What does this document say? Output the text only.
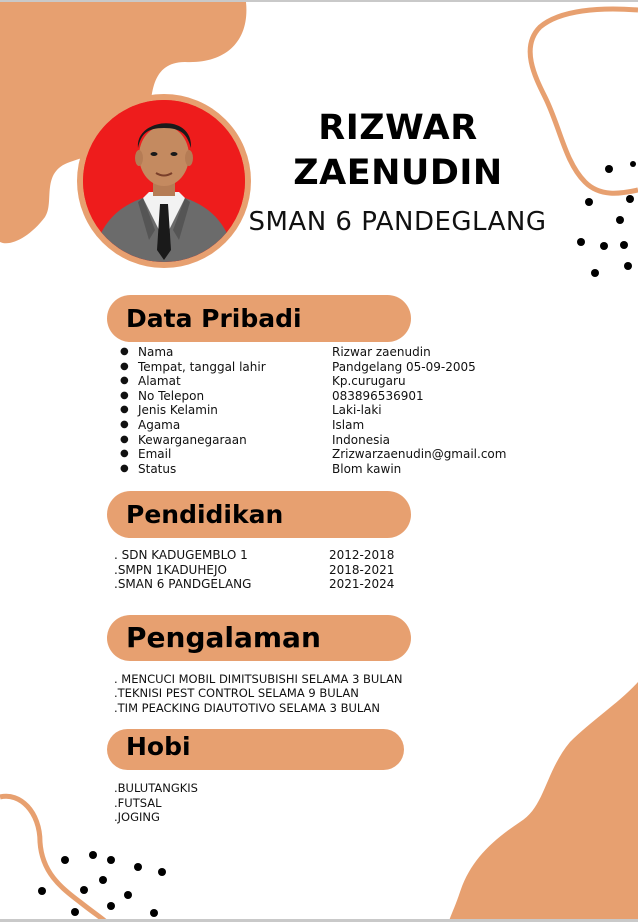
RIZWAR
ZAENUDIN
SMAN 6 PANDEGLANG
Data Pribadi
● Nama	Rizwar zaenudin
● Tempat, tanggal lahir	Pandgelang 05-09-2005
● Alamat	Kp.curugaru
● No Telepon	083896536901
● Jenis Kelamin	Laki-laki
● Agama	Islam
● Kewarganegaraan	Indonesia
● Email	Zrizwarzaenudin@gmail.com
● Status	Blom kawin
Pendidikan
. SDN KADUGEMBLO 1	2012-2018
.SMPN 1KADUHEJO	2018-2021
.SMAN 6 PANDGELANG	2021-2024
Pengalaman
. MENCUCI MOBIL DIMITSUBISHI SELAMA 3 BULAN
.TEKNISI PEST CONTROL SELAMA 9 BULAN
.TIM PEACKING DIAUTOTIVO SELAMA 3 BULAN
Hobi
.BULUTANGKIS
.FUTSAL
.JOGING
